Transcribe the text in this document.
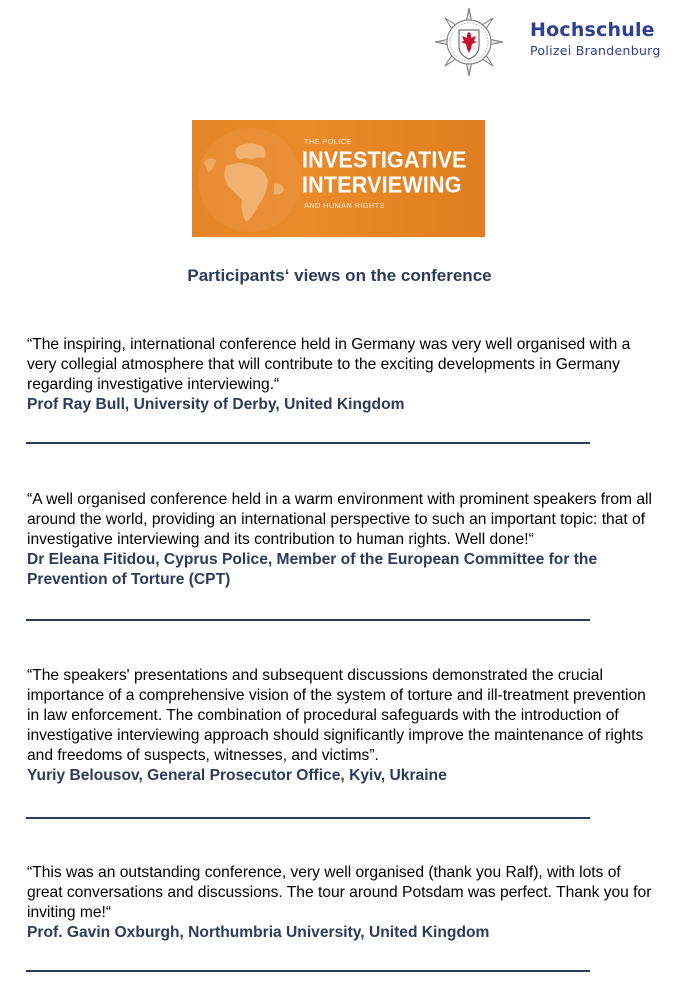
Hochschule
Polizei Brandenburg
THE POLICE
INVESTIGATIVE
INTERVIEWING
AND HUMAN RIGHTS
Participants‘ views on the conference

“The inspiring, international conference held in Germany was very well organised with a very collegial atmosphere that will contribute to the exciting developments in Germany regarding investigative interviewing.“

Prof Ray Bull, University of Derby, United Kingdom

“A well organised conference held in a warm environment with prominent speakers from all around the world, providing an international perspective to such an important topic: that of investigative interviewing and its contribution to human rights. Well done!“

Dr Eleana Fitidou, Cyprus Police, Member of the European Committee for the Prevention of Torture (CPT)

“The speakers' presentations and subsequent discussions demonstrated the crucial importance of a comprehensive vision of the system of torture and ill-treatment prevention in law enforcement. The combination of procedural safeguards with the introduction of investigative interviewing approach should significantly improve the maintenance of rights and freedoms of suspects, witnesses, and victims”.

Yuriy Belousov, General Prosecutor Office, Kyiv, Ukraine

“This was an outstanding conference, very well organised (thank you Ralf), with lots of great conversations and discussions. The tour around Potsdam was perfect. Thank you for inviting me!“

Prof. Gavin Oxburgh, Northumbria University, United Kingdom
